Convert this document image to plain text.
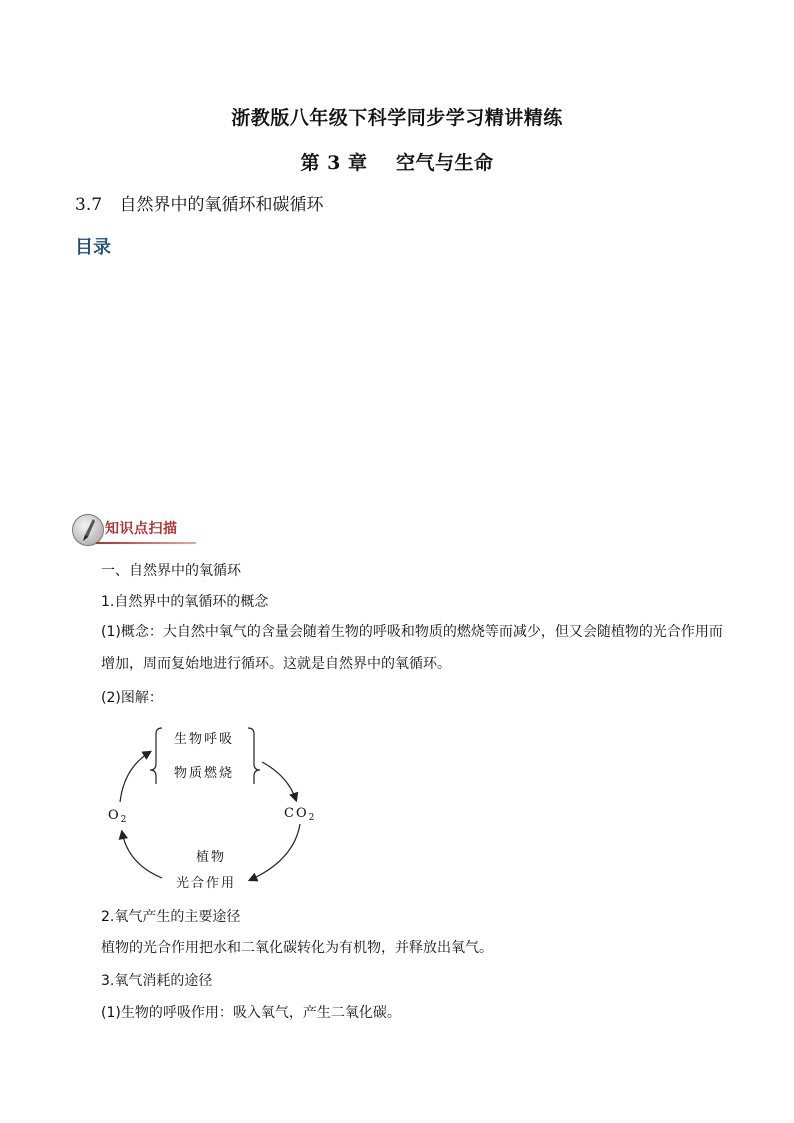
浙教版八年级下科学同步学习精讲精练
第 3 章    空气与生命
3.7 自然界中的氧循环和碳循环
目录
知识点扫描
一、自然界中的氧循环
1.自然界中的氧循环的概念
(1)概念：大自然中氧气的含量会随着生物的呼吸和物质的燃烧等而减少，但又会随植物的光合作用而增加，周而复始地进行循环。这就是自然界中的氧循环。
(2)图解：
生物呼吸
物质燃烧
$O_2$	$CO_2$
植物
光合作用
2.氧气产生的主要途径
植物的光合作用把水和二氧化碳转化为有机物，并释放出氧气。
3.氧气消耗的途径
(1)生物的呼吸作用：吸入氧气，产生二氧化碳。
